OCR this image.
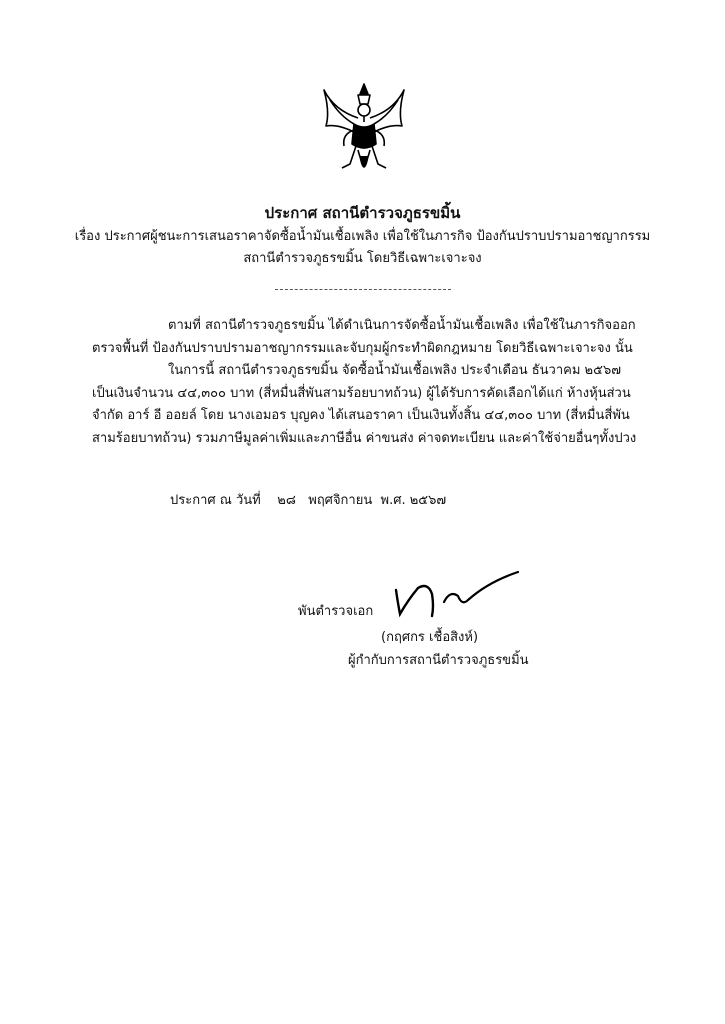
ประกาศ สถานีตำรวจภูธรขมิ้น
เรื่อง ประกาศผู้ชนะการเสนอราคาจัดซื้อน้ำมันเชื้อเพลิง เพื่อใช้ในภารกิจ ป้องกันปราบปรามอาชญากรรม
สถานีตำรวจภูธรขมิ้น โดยวิธีเฉพาะเจาะจง

ตามที่ สถานีตำรวจภูธรขมิ้น ได้ดำเนินการจัดซื้อน้ำมันเชื้อเพลิง เพื่อใช้ในภารกิจออกตรวจพื้นที่ ป้องกันปราบปรามอาชญากรรมและจับกุมผู้กระทำผิดกฎหมาย โดยวิธีเฉพาะเจาะจง นั้น

ในการนี้ สถานีตำรวจภูธรขมิ้น จัดซื้อน้ำมันเชื้อเพลิง ประจำเดือน ธันวาคม ๒๕๖๗ เป็นเงินจำนวน ๔๔,๓๐๐ บาท (สี่หมื่นสี่พันสามร้อยบาทถ้วน) ผู้ได้รับการคัดเลือกได้แก่ ห้างหุ้นส่วนจำกัด อาร์ อี ออยล์ โดย นางเอมอร บุญคง ได้เสนอราคา เป็นเงินทั้งสิ้น ๔๔,๓๐๐ บาท (สี่หมื่นสี่พันสามร้อยบาทถ้วน) รวมภาษีมูลค่าเพิ่มและภาษีอื่น ค่าขนส่ง ค่าจดทะเบียน และค่าใช้จ่ายอื่นๆทั้งปวง

ประกาศ ณ วันที่    ๒๘   พฤศจิกายน  พ.ศ. ๒๕๖๗
พันตำรวจเอก
(กฤศกร เชื้อสิงห์)
ผู้กำกับการสถานีตำรวจภูธรขมิ้น
